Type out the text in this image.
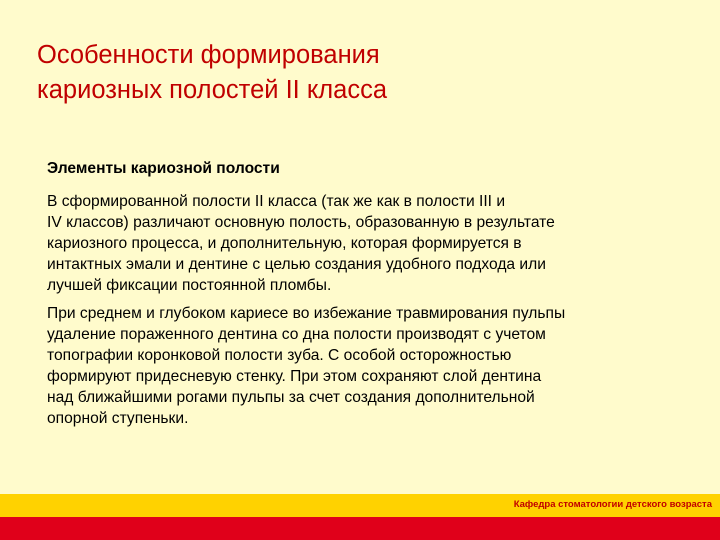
Особенности формирования
кариозных полостей II класса
Элементы кариозной полости
В сформированной полости II класса (так же как в полости III и
IV классов) различают основную полость, образованную в результате
кариозного процесса, и дополнительную, которая формируется в
интактных эмали и дентине с целью создания удобного подхода или
лучшей фиксации постоянной пломбы.
При среднем и глубоком кариесе во избежание травмирования пульпы
удаление пораженного дентина со дна полости производят с учетом
топографии коронковой полости зуба. С особой осторожностью
формируют придесневую стенку. При этом сохраняют слой дентина
над ближайшими рогами пульпы за счет создания дополнительной
опорной ступеньки.
Кафедра стоматологии детского возраста
